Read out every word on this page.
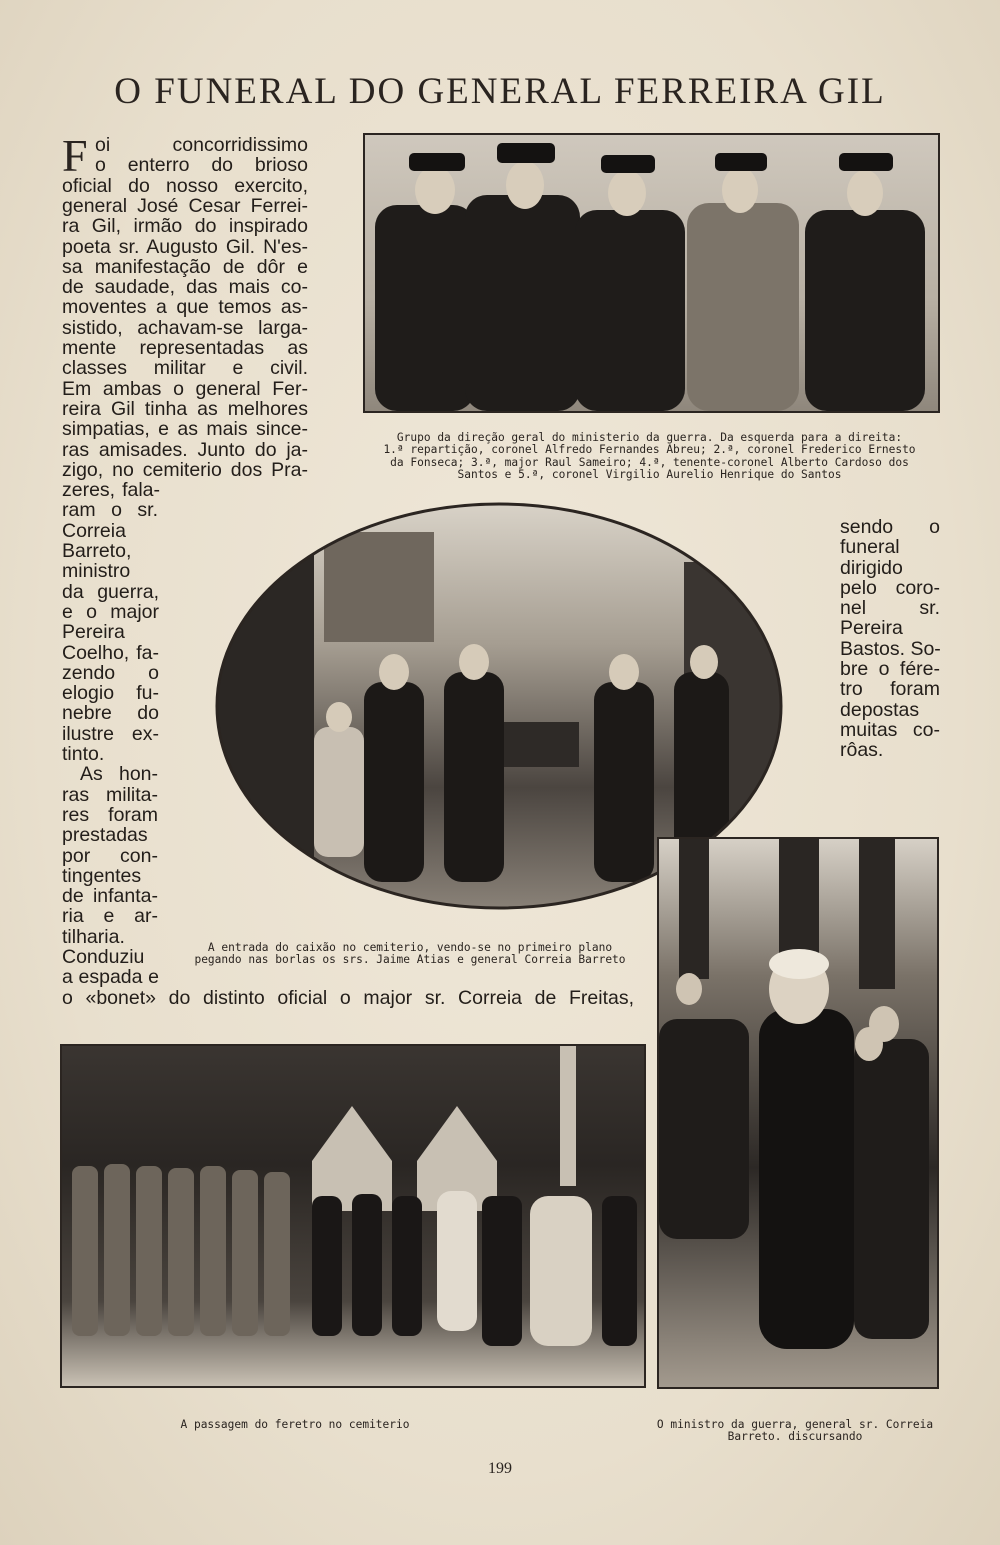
O FUNERAL DO GENERAL FERREIRA GIL
F oi concorridissimo
o enterro do brioso
oficial do nosso exercito,
general José Cesar Ferrei-
ra Gil, irmão do inspirado
poeta sr. Augusto Gil. N'es-
sa manifestação de dôr e
de saudade, das mais co-
moventes a que temos as-
sistido, achavam-se larga-
mente representadas as
classes militar e civil.
Em ambas o general Fer-
reira Gil tinha as melhores
simpatias, e as mais since-
ras amisades. Junto do ja-
zigo, no cemiterio dos Pra-
zeres, fala-
ram o sr.
Correia
Barreto,
ministro
da guerra,
e o major
Pereira
Coelho, fa-
zendo o
elogio fu-
nebre do
ilustre ex-
tinto.
As hon-
ras milita-
res foram
prestadas
por con-
tingentes
de infanta-
ria e ar-
tilharia.
Conduziu
a espada e
o «bonet» do distinto oficial o major sr. Correia de Freitas,
sendo o
funeral
dirigido
pelo coro-
nel sr.
Pereira
Bastos. So-
bre o fére-
tro foram
depostas
muitas co-
rôas.
Grupo da direção geral do ministerio da guerra. Da esquerda para a direita:
1.ª repartição, coronel Alfredo Fernandes Abreu; 2.ª, coronel Frederico Ernesto
da Fonseca; 3.ª, major Raul Sameiro; 4.ª, tenente-coronel Alberto Cardoso dos
Santos e 5.ª, coronel Virgilio Aurelio Henrique do Santos
A entrada do caixão no cemiterio, vendo-se no primeiro plano
pegando nas borlas os srs. Jaime Atias e general Correia Barreto
O ministro da guerra, general sr. Correia
Barreto. discursando
A passagem do feretro no cemiterio
199
